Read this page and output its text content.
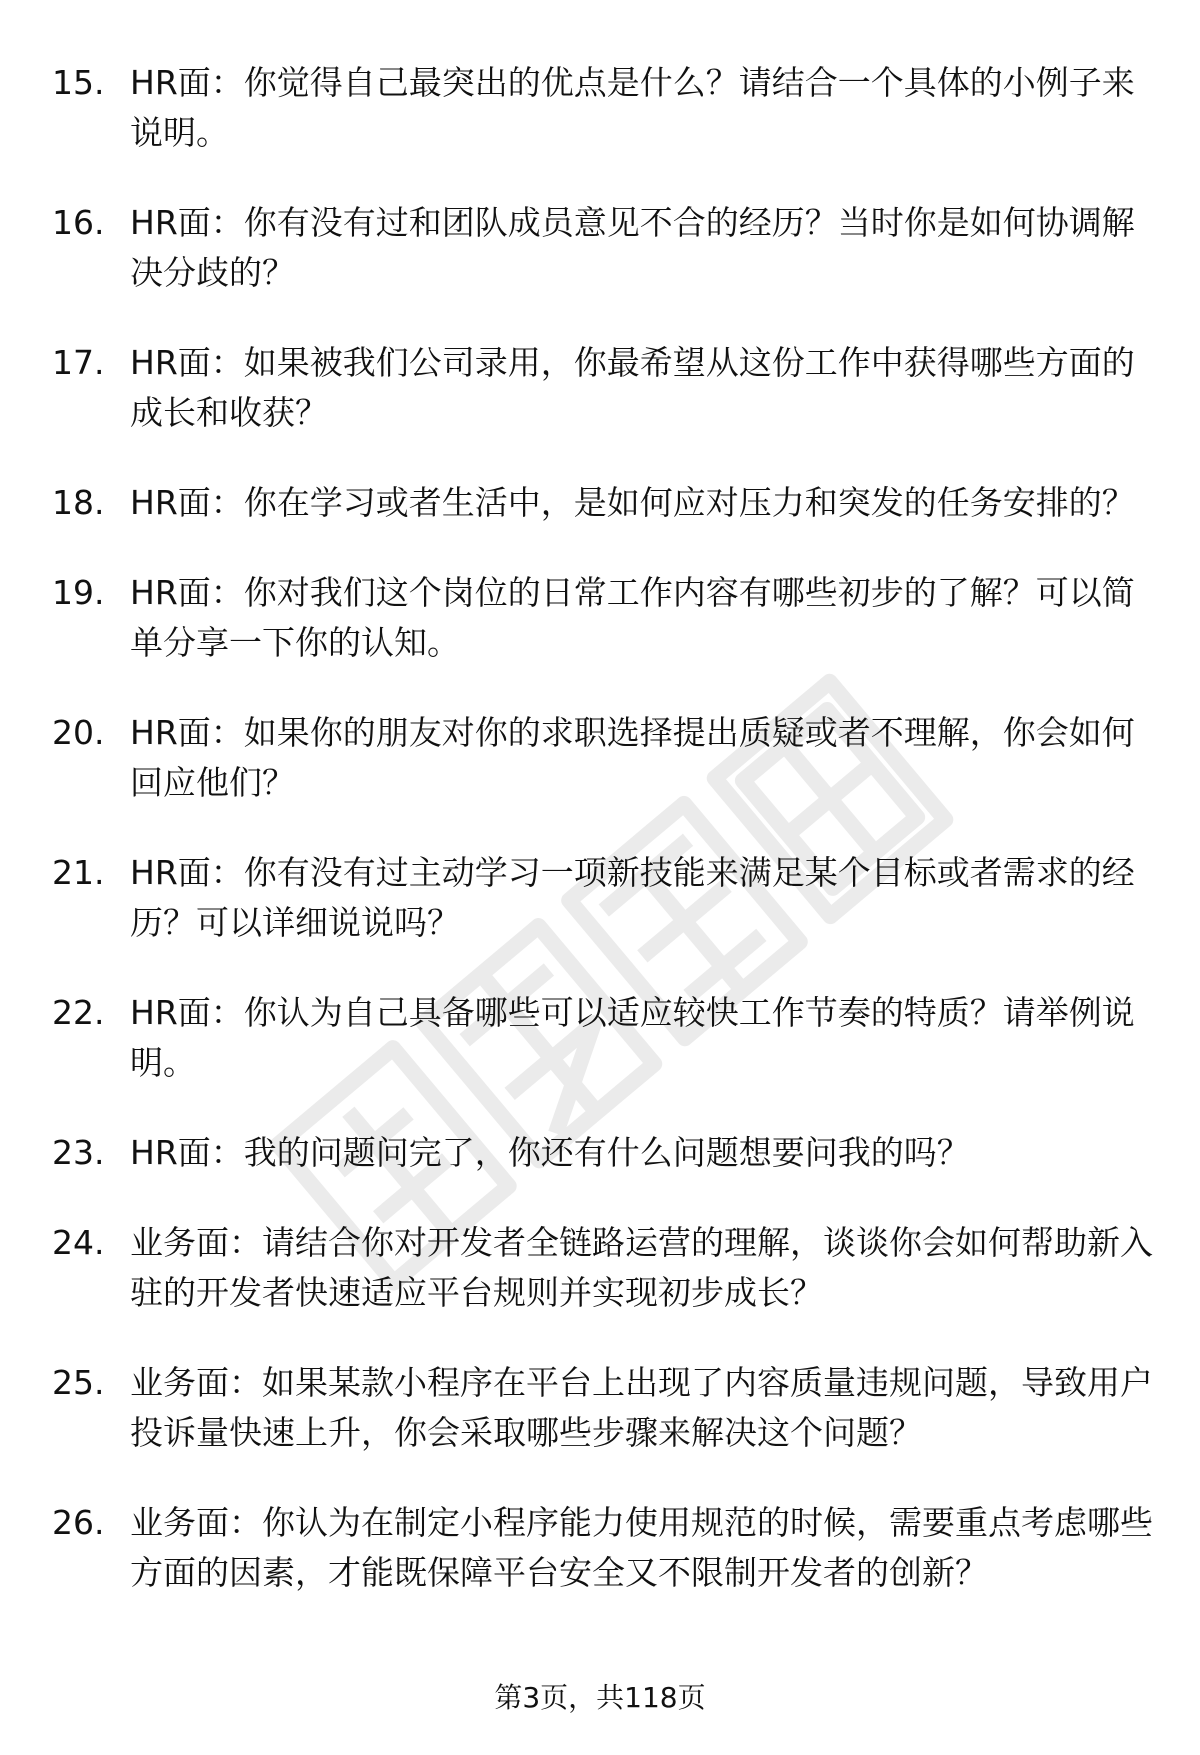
15. HR面：你觉得自己最突出的优点是什么？请结合一个具体的小例子来说明。
16. HR面：你有没有过和团队成员意见不合的经历？当时你是如何协调解决分歧的？
17. HR面：如果被我们公司录用，你最希望从这份工作中获得哪些方面的成长和收获？
18. HR面：你在学习或者生活中，是如何应对压力和突发的任务安排的？
19. HR面：你对我们这个岗位的日常工作内容有哪些初步的了解？可以简单分享一下你的认知。
20. HR面：如果你的朋友对你的求职选择提出质疑或者不理解，你会如何回应他们？
21. HR面：你有没有过主动学习一项新技能来满足某个目标或者需求的经历？可以详细说说吗？
22. HR面：你认为自己具备哪些可以适应较快工作节奏的特质？请举例说明。
23. HR面：我的问题问完了，你还有什么问题想要问我的吗？
24. 业务面：请结合你对开发者全链路运营的理解，谈谈你会如何帮助新入驻的开发者快速适应平台规则并实现初步成长？
25. 业务面：如果某款小程序在平台上出现了内容质量违规问题，导致用户投诉量快速上升，你会采取哪些步骤来解决这个问题？
26. 业务面：你认为在制定小程序能力使用规范的时候，需要重点考虑哪些方面的因素，才能既保障平台安全又不限制开发者的创新？
第3页，共118页
